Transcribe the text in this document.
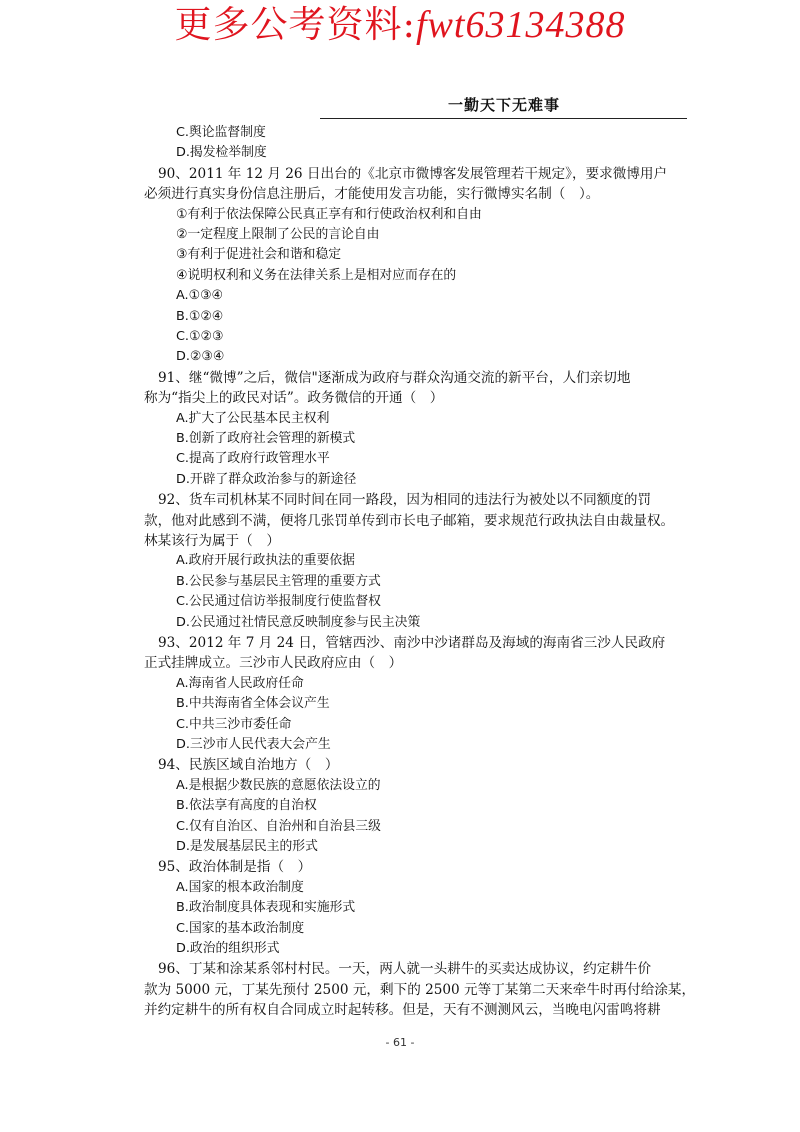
更多公考资料:fwt63134388
一勤天下无难事
C.舆论监督制度
D.揭发检举制度
90、2011 年 12 月 26 日出台的《北京市微博客发展管理若干规定》，要求微博用户
必须进行真实身份信息注册后，才能使用发言功能，实行微博实名制（　）。
①有利于依法保障公民真正享有和行使政治权利和自由
②一定程度上限制了公民的言论自由
③有利于促进社会和谐和稳定
④说明权利和义务在法律关系上是相对应而存在的
A.①③④
B.①②④
C.①②③
D.②③④
91、继“微博”之后，微信"逐渐成为政府与群众沟通交流的新平台，人们亲切地
称为“指尖上的政民对话”。政务微信的开通（　）
A.扩大了公民基本民主权利
B.创新了政府社会管理的新模式
C.提高了政府行政管理水平
D.开辟了群众政治参与的新途径
92、货车司机林某不同时间在同一路段，因为相同的违法行为被处以不同额度的罚
款，他对此感到不满，便将几张罚单传到市长电子邮箱，要求规范行政执法自由裁量权。
林某该行为属于（　）
A.政府开展行政执法的重要依据
B.公民参与基层民主管理的重要方式
C.公民通过信访举报制度行使监督权
D.公民通过社情民意反映制度参与民主决策
93、2012 年 7 月 24 日，管辖西沙、南沙中沙诸群岛及海域的海南省三沙人民政府
正式挂牌成立。三沙市人民政府应由（　）
A.海南省人民政府任命
B.中共海南省全体会议产生
C.中共三沙市委任命
D.三沙市人民代表大会产生
94、民族区域自治地方（　）
A.是根据少数民族的意愿依法设立的
B.依法享有高度的自治权
C.仅有自治区、自治州和自治县三级
D.是发展基层民主的形式
95、政治体制是指（　）
A.国家的根本政治制度
B.政治制度具体表现和实施形式
C.国家的基本政治制度
D.政治的组织形式
96、丁某和涂某系邻村村民。一天，两人就一头耕牛的买卖达成协议，约定耕牛价
款为 5000 元，丁某先预付 2500 元，剩下的 2500 元等丁某第二天来牵牛时再付给涂某，
并约定耕牛的所有权自合同成立时起转移。但是，天有不测测风云，当晚电闪雷鸣将耕
- 61 -
